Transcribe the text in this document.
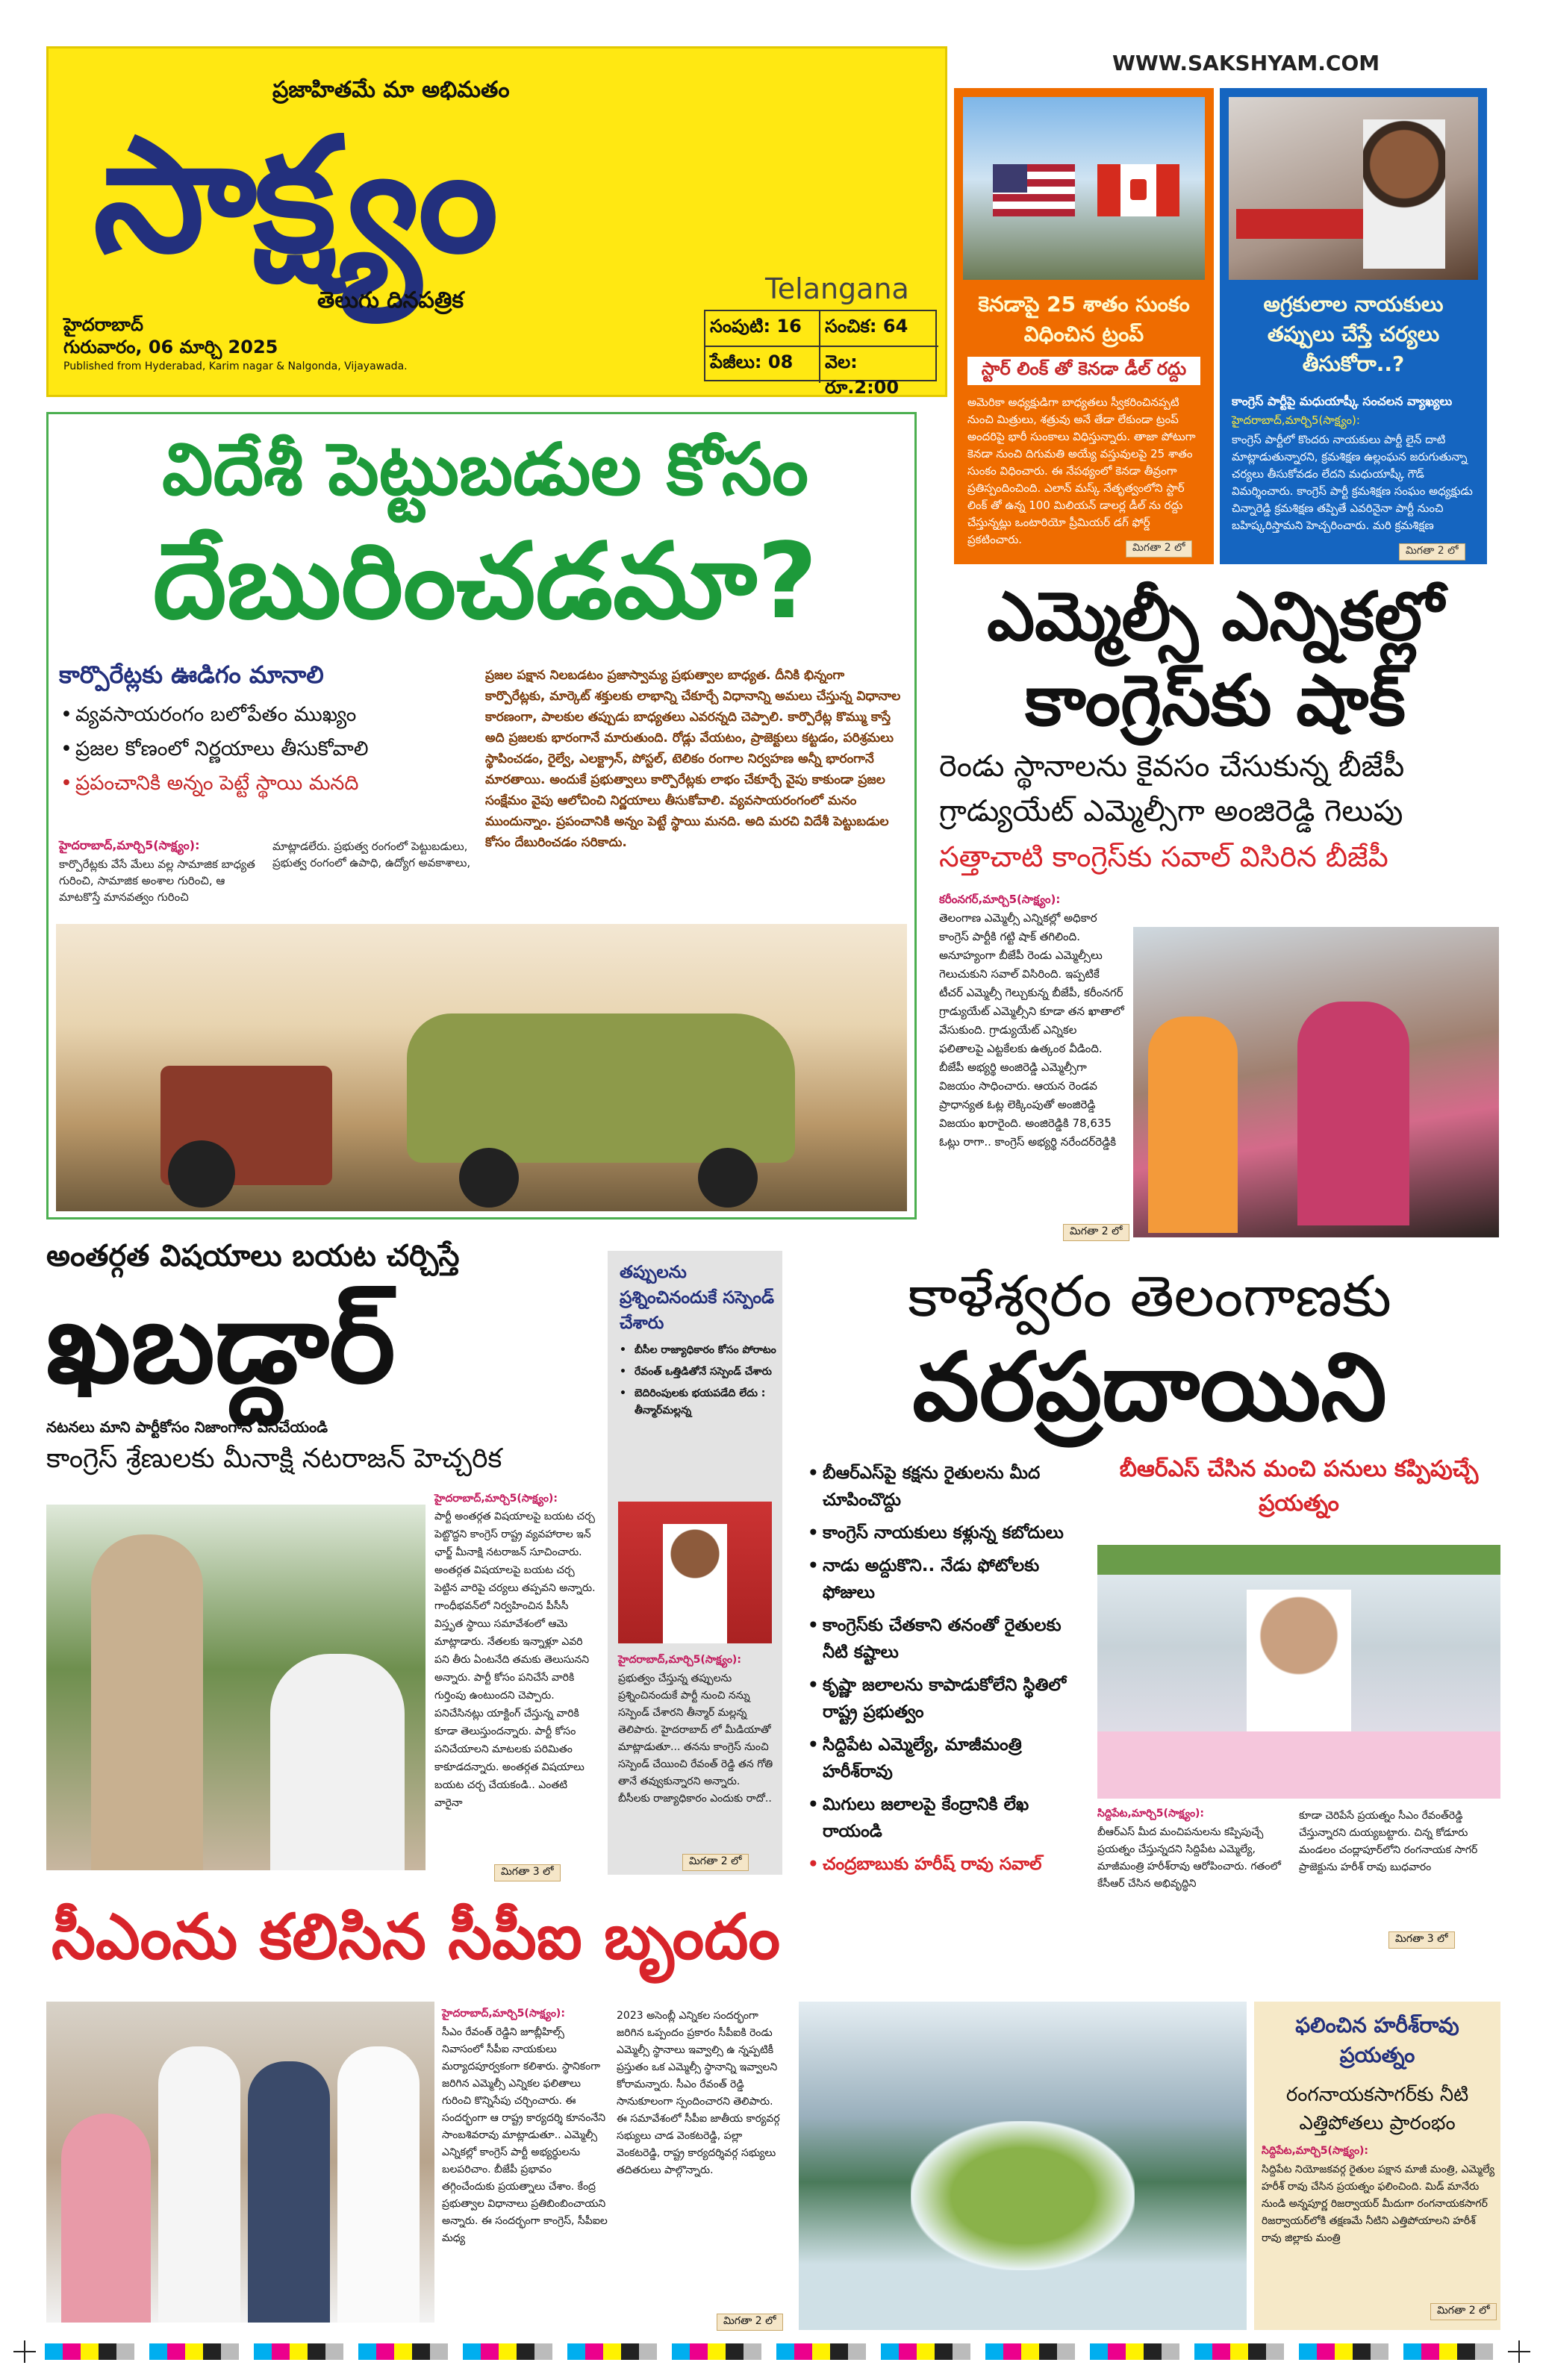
ప్రజాహితమే మా అభిమతం
సాక్ష్యం
తెలుగు దినపత్రిక	Telangana
హైదరాబాద్
గురువారం, 06 మార్చి 2025
Published from Hyderabad, Karim nagar & Nalgonda, Vijayawada.
సంపుటి: 16 సంచిక: 64
పేజీలు: 08 వెల: రూ.2:00
WWW.SAKSHYAM.COM
కెనడాపై 25 శాతం సుంకం విధించిన ట్రంప్
స్టార్ లింక్ తో కెనడా డీల్ రద్దు
అమెరికా అధ్యక్షుడిగా బాధ్యతలు స్వీకరించినప్పటి నుంచి మిత్రులు, శత్రువు అనే తేడా లేకుండా ట్రంప్ అందరిపై భారీ సుంకాలు విధిస్తున్నారు. తాజా పోటుగా కెనడా నుంచి దిగుమతి అయ్యే వస్తువులపై 25 శాతం సుంకం విధించారు. ఈ నేపథ్యంలో కెనడా తీవ్రంగా ప్రతిస్పందించింది. ఎలాన్ మస్క్ నేతృత్వంలోని స్టార్ లింక్ తో ఉన్న 100 మిలియన్ డాలర్ల డీల్ ను రద్దు చేస్తున్నట్లు ఒంటారియో ప్రీమియర్ డగ్ ఫోర్డ్ ప్రకటించారు.
మిగతా 2 లో
అగ్రకులాల నాయకులు తప్పులు చేస్తే చర్యలు తీసుకోరా..?
కాంగ్రెస్ పార్టీపై మధుయాష్కీ సంచలన వ్యాఖ్యలు
హైదరాబాద్,మార్చి5(సాక్ష్యం):
కాంగ్రెస్ పార్టీలో కొందరు నాయకులు పార్టీ లైన్ దాటి మాట్లాడుతున్నారని, క్రమశిక్షణ ఉల్లంఘన జరుగుతున్నా చర్యలు తీసుకోవడం లేదని మధుయాష్కీ గౌడ్ విమర్శించారు. కాంగ్రెస్ పార్టీ క్రమశిక్షణ సంఘం అధ్యక్షుడు చిన్నారెడ్డి క్రమశిక్షణ తప్పితే ఎవరినైనా పార్టీ నుంచి బహిష్కరిస్తామని హెచ్చరించారు. మరి క్రమశిక్షణ
మిగతా 2 లో
విదేశీ పెట్టుబడుల కోసం
దేబురించడమా?
కార్పొరేట్లకు ఊడిగం మానాలి
• వ్యవసాయరంగం బలోపేతం ముఖ్యం
• ప్రజల కోణంలో నిర్ణయాలు తీసుకోవాలి
• ప్రపంచానికి అన్నం పెట్టే స్థాయి మనది
హైదరాబాద్,మార్చి5(సాక్ష్యం):
కార్పొరేట్లకు వేసే మేలు వల్ల సామాజిక బాధ్యత గురించి, సామాజిక అంశాల గురించి, ఆ మాటకొస్తే మానవత్వం గురించి
మాట్లాడలేరు. ప్రభుత్వ రంగంలో పెట్టుబడులు, ప్రభుత్వ రంగంలో ఉపాధి, ఉద్యోగ అవకాశాలు,
ప్రజల పక్షాన నిలబడటం ప్రజాస్వామ్య ప్రభుత్వాల బాధ్యత. దీనికి భిన్నంగా కార్పొరేట్లకు, మార్కెట్ శక్తులకు లాభాన్ని చేకూర్చే విధానాన్ని అమలు చేస్తున్న విధానాల కారణంగా, పాలకుల తప్పుడు బాధ్యతలు ఎవరన్నది చెప్పాలి. కార్పొరేట్ల కొమ్ము కాస్తే అది ప్రజలకు భారంగానే మారుతుంది. రోడ్లు వేయటం, ప్రాజెక్టులు కట్టడం, పరిశ్రమలు స్థాపించడం, రైల్వే, ఎలక్ట్రాన్, పోస్టల్, టెలికం రంగాల నిర్వహణ అన్నీ భారంగానే మారతాయి. అందుకే ప్రభుత్వాలు కార్పొరేట్లకు లాభం చేకూర్చే వైపు కాకుండా ప్రజల సంక్షేమం వైపు ఆలోచించి నిర్ణయాలు తీసుకోవాలి. వ్యవసాయరంగంలో మనం ముందున్నాం. ప్రపంచానికి అన్నం పెట్టే స్థాయి మనది. అది మరచి విదేశీ పెట్టుబడుల కోసం దేబురించడం సరికాదు.
ఎమ్మెల్సీ ఎన్నికల్లో
కాంగ్రెస్‌కు షాక్
రెండు స్థానాలను కైవసం చేసుకున్న బీజేపీ
గ్రాడ్యుయేట్ ఎమ్మెల్సీగా అంజిరెడ్డి గెలుపు
సత్తాచాటి కాంగ్రెస్‌కు సవాల్ విసిరిన బీజేపీ
కరీంనగర్,మార్చి5(సాక్ష్యం):
తెలంగాణ ఎమ్మెల్సీ ఎన్నికల్లో అధికార కాంగ్రెస్ పార్టీకి గట్టి షాక్ తగిలింది. అనూహ్యంగా బీజేపీ రెండు ఎమ్మెల్సీలు గెలుచుకుని సవాల్ విసిరింది. ఇప్పటికే టీచర్ ఎమ్మెల్సీ గెల్చుకున్న బీజేపీ, కరీంనగర్ గ్రాడ్యుయేట్ ఎమ్మెల్సీని కూడా తన ఖాతాలో వేసుకుంది. గ్రాడ్యుయేట్ ఎన్నికల ఫలితాలపై ఎట్టకేలకు ఉత్కంఠ వీడింది. బీజేపీ అభ్యర్థి అంజిరెడ్డి ఎమ్మెల్సీగా విజయం సాధించారు. ఆయన రెండవ ప్రాధాన్యత ఓట్ల లెక్కింపుతో అంజిరెడ్డి విజయం ఖరారైంది. అంజిరెడ్డికి 78,635 ఓట్లు రాగా.. కాంగ్రెస్ అభ్యర్థి నరేందర్‌రెడ్డికి
మిగతా 2 లో
అంతర్గత విషయాలు బయట చర్చిస్తే
ఖబడ్దార్
నటనలు మాని పార్టీకోసం నిజాంగానే పనిచేయండి
కాంగ్రెస్ శ్రేణులకు మీనాక్షి నటరాజన్ హెచ్చరిక
హైదరాబాద్,మార్చి5(సాక్ష్యం):
పార్టీ అంతర్గత విషయాలపై బయట చర్చ పెట్టొద్దని కాంగ్రెస్ రాష్ట్ర వ్యవహారాల ఇన్ ఛార్జ్ మీనాక్షి నటరాజన్ సూచించారు. అంతర్గత విషయాలపై బయట చర్చ పెట్టిన వారిపై చర్యలు తప్పవని అన్నారు. గాంధీభవన్‌లో నిర్వహించిన పీసీసీ విస్తృత స్థాయి సమావేశంలో ఆమె మాట్లాడారు. నేతలకు ఇన్నాళ్లూ ఎవరి పని తీరు ఏంటనేది తమకు తెలుసునని అన్నారు. పార్టీ కోసం పనిచేసే వారికి గుర్తింపు ఉంటుందని చెప్పారు. పనిచేసినట్లు యాక్టింగ్ చేస్తున్న వారికి కూడా తెలుస్తుందన్నారు. పార్టీ కోసం పనిచేయాలని మాటలకు పరిమితం కాకూడదన్నారు. అంతర్గత విషయాలు బయట చర్చ చేయకండి.. ఎంతటి వారైనా
మిగతా 3 లో
తప్పులను ప్రశ్నించినందుకే సస్పెండ్ చేశారు
• బీసీల రాజ్యాధికారం కోసం పోరాటం
• రేవంత్ ఒత్తిడితోనే సస్పెండ్ చేశారు
• బెదిరింపులకు భయపడేది లేదు : తీన్మార్‌మల్లన్న
హైదరాబాద్,మార్చి5(సాక్ష్యం):
ప్రభుత్వం చేస్తున్న తప్పులను ప్రశ్నించినందుకే పార్టీ నుంచి నన్ను సస్పెండ్ చేశారని తీన్మార్ మల్లన్న తెలిపారు. హైదరాబాద్ లో మీడియాతో మాట్లాడుతూ... తనను కాంగ్రెస్ నుంచి సస్పెండ్ చేయించి రేవంత్ రెడ్డి తన గోతి తానే తవ్వుకున్నారని అన్నారు. బీసీలకు రాజ్యాధికారం ఎందుకు రాదో..
మిగతా 2 లో
కాళేశ్వరం తెలంగాణకు
వరప్రదాయిని
• బీఆర్ఎస్‌పై కక్షను రైతులను మీద చూపించొద్దు
• కాంగ్రెస్ నాయకులు కళ్లున్న కబోదులు
• నాడు అద్దుకొని.. నేడు ఫోటోలకు ఫోజులు
• కాంగ్రెస్‌కు చేతకాని తనంతో రైతులకు నీటి కష్టాలు
• కృష్ణా జలాలను కాపాడుకోలేని స్థితిలో రాష్ట్ర ప్రభుత్వం
• సిద్దిపేట ఎమ్మెల్యే, మాజీమంత్రి హరీశ్‌రావు
• మిగులు జలాలపై కేంద్రానికి లేఖ రాయండి
• చంద్రబాబుకు హరీష్ రావు సవాల్
బీఆర్ఎస్ చేసిన మంచి పనులు కప్పిపుచ్చే ప్రయత్నం
సిద్దిపేట,మార్చి5(సాక్ష్యం):
బీఆర్‌ఎస్ మీద మంచిపనులను కప్పిపుచ్చే ప్రయత్నం చేస్తున్నదని సిద్దిపేట ఎమ్మెల్యే, మాజీమంత్రి హరీశ్‌రావు ఆరోపించారు. గతంలో కేసీఆర్ చేసిన అభివృద్ధిని
కూడా చెరిపేసే ప్రయత్నం సీఎం రేవంత్‌రెడ్డి చేస్తున్నారని దుయ్యబట్టారు. చిన్న కోడూరు మండలం చంద్లాపూర్‌లోని రంగనాయక సాగర్ ప్రాజెక్టును హరీశ్ రావు బుధవారం
మిగతా 3 లో
సీఎంను కలిసిన సీపీఐ బృందం
హైదరాబాద్,మార్చి5(సాక్ష్యం):
సీఎం రేవంత్ రెడ్డిని జూబ్లీహిల్స్ నివాసంలో సీపీఐ నాయకులు మర్యాదపూర్వకంగా కలిశారు. స్థానికంగా జరిగిన ఎమ్మెల్సీ ఎన్నికల ఫలితాలు గురించి కొన్నిసేపు చర్చించారు. ఈ సందర్భంగా ఆ రాష్ట్ర కార్యదర్శి కూనంనేని సాంబశివరావు మాట్లాడుతూ.. ఎమ్మెల్సీ ఎన్నికల్లో కాంగ్రెస్ పార్టీ అభ్యర్థులను బలపరిచాం. బీజేపీ ప్రభావం తగ్గించేందుకు ప్రయత్నాలు చేశాం. కేంద్ర ప్రభుత్వాల విధానాలు ప్రతిబింబించాయని అన్నారు. ఈ సందర్భంగా కాంగ్రెస్, సీపీఐల మధ్య
2023 అసెంబ్లీ ఎన్నికల సందర్భంగా జరిగిన ఒప్పందం ప్రకారం సీపీఐకి రెండు ఎమ్మెల్సీ స్థానాలు ఇవ్వాల్సి ఉ న్నప్పటికీ ప్రస్తుతం ఒక ఎమ్మెల్సీ స్థానాన్ని ఇవ్వాలని కోరామన్నారు. సీఎం రేవంత్ రెడ్డి సానుకూలంగా స్పందించారని తెలిపారు. ఈ సమావేశంలో సీపీఐ జాతీయ కార్యవర్గ సభ్యులు చాడ వెంకటరెడ్డి, పల్లా వెంకటరెడ్డి, రాష్ట్ర కార్యదర్శివర్గ సభ్యులు తదితరులు పాల్గొన్నారు.
మిగతా 2 లో
ఫలించిన హరీశ్‌రావు ప్రయత్నం
రంగనాయకసాగర్‌కు నీటి ఎత్తిపోతలు ప్రారంభం
సిద్దిపేట,మార్చి5(సాక్ష్యం):
సిద్దిపేట నియోజకవర్గ రైతుల పక్షాన మాజీ మంత్రి, ఎమ్మెల్యే హరీశ్ రావు చేసిన ప్రయత్నం ఫలించింది. మిడ్ మానేరు నుండి అన్నపూర్ణ రిజర్వాయర్ మీదుగా రంగనాయకసాగర్ రిజర్వాయర్‌లోకి తక్షణమే నీటిని ఎత్తిపోయాలని హరీశ్ రావు జిల్లాకు మంత్రి
మిగతా 2 లో
